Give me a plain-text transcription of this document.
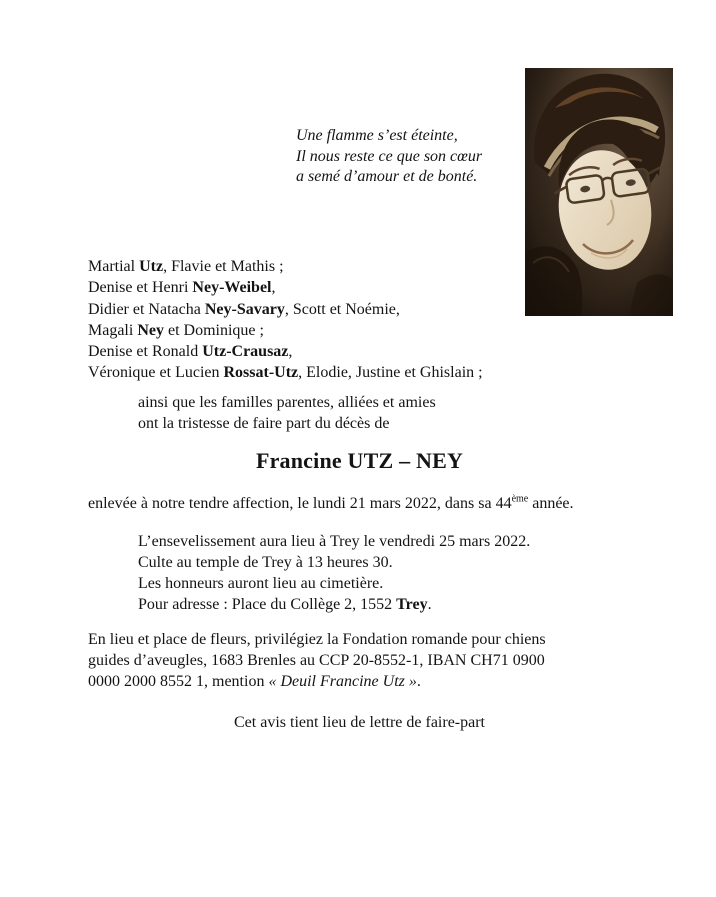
Une flamme s’est éteinte,
Il nous reste ce que son cœur
a semé d’amour et de bonté.
Martial Utz, Flavie et Mathis ;
Denise et Henri Ney-Weibel,
Didier et Natacha Ney-Savary, Scott et Noémie,
Magali Ney et Dominique ;
Denise et Ronald Utz-Crausaz,
Véronique et Lucien Rossat-Utz, Elodie, Justine et Ghislain ;
ainsi que les familles parentes, alliées et amies
ont la tristesse de faire part du décès de
Francine UTZ – NEY
enlevée à notre tendre affection, le lundi 21 mars 2022, dans sa 44ème année.
L’ensevelissement aura lieu à Trey le vendredi 25 mars 2022.
Culte au temple de Trey à 13 heures 30.
Les honneurs auront lieu au cimetière.
Pour adresse : Place du Collège 2, 1552 Trey.
En lieu et place de fleurs, privilégiez la Fondation romande pour chiens
guides d’aveugles, 1683 Brenles au CCP 20-8552-1, IBAN CH71 0900
0000 2000 8552 1, mention « Deuil Francine Utz ».
Cet avis tient lieu de lettre de faire-part
